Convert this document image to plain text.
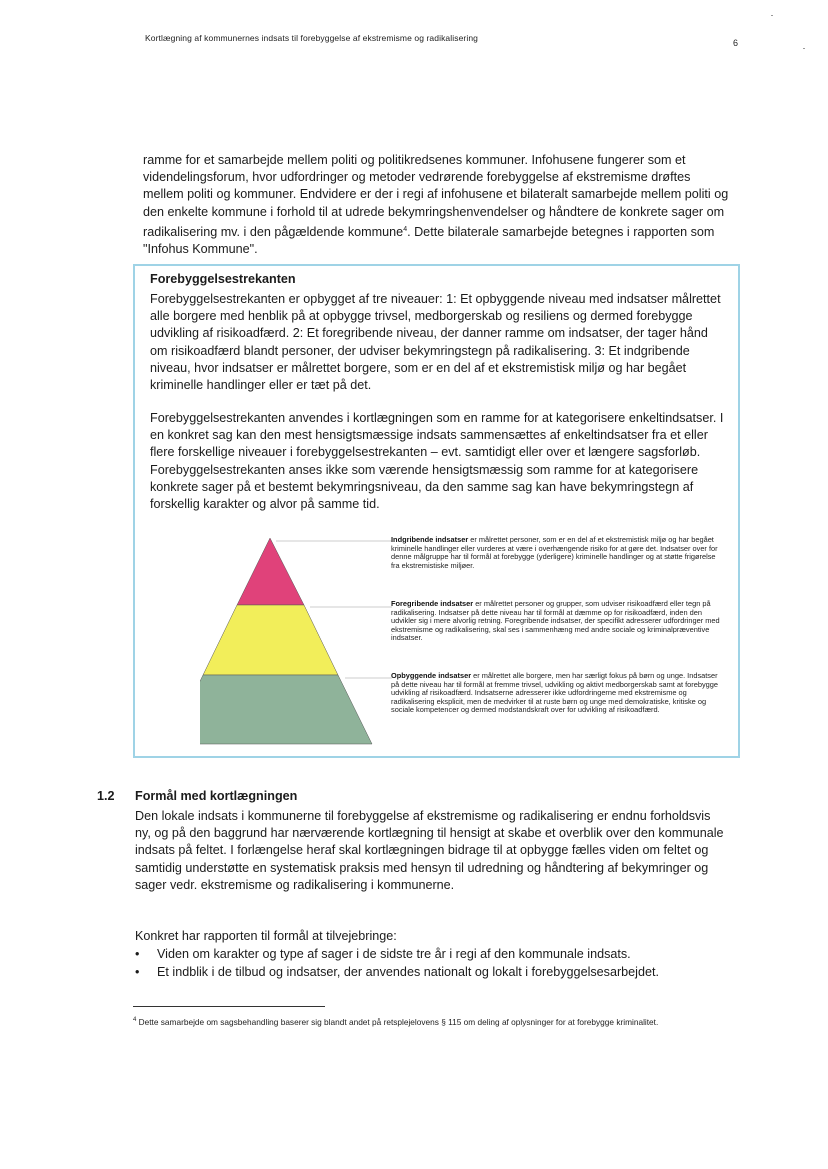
Kortlægning af kommunernes indsats til forebyggelse af ekstremisme og radikalisering	6

ramme for et samarbejde mellem politi og politikredsenes kommuner. Infohusene fungerer som et videndelingsforum, hvor udfordringer og metoder vedrørende forebyggelse af ekstremisme drøftes mellem politi og kommuner. Endvidere er der i regi af infohusene et bilateralt samarbejde mellem politi og den enkelte kommune i forhold til at udrede bekymringshenvendelser og håndtere de konkrete sager om radikalisering mv. i den pågældende kommune$^4$. Dette bilaterale samarbejde betegnes i rapporten som "Infohus Kommune".

Forebyggelsestrekanten

Forebyggelsestrekanten er opbygget af tre niveauer: 1: Et opbyggende niveau med indsatser målrettet alle borgere med henblik på at opbygge trivsel, medborgerskab og resiliens og dermed forebygge udvikling af risikoadfærd. 2: Et foregribende niveau, der danner ramme om indsatser, der tager hånd om risikoadfærd blandt personer, der udviser bekymringstegn på radikalisering. 3: Et indgribende niveau, hvor indsatser er målrettet borgere, som er en del af et ekstremistisk miljø og har begået kriminelle handlinger eller er tæt på det.

Forebyggelsestrekanten anvendes i kortlægningen som en ramme for at kategorisere enkeltindsatser. I en konkret sag kan den mest hensigtsmæssige indsats sammensættes af enkeltindsatser fra et eller flere forskellige niveauer i forebyggelsestrekanten – evt. samtidigt eller over et længere sagsforløb. Forebyggelsestrekanten anses ikke som værende hensigtsmæssig som ramme for at kategorisere konkrete sager på et bestemt bekymringsniveau, da den samme sag kan have bekymringstegn af forskellig karakter og alvor på samme tid.

Indgribende indsatser er målrettet personer, som er en del af et ekstremistisk miljø og har begået kriminelle handlinger eller vurderes at være i overhængende risiko for at gøre det. Indsatser over for denne målgruppe har til formål at forebygge (yderligere) kriminelle handlinger og at støtte frigørelse fra ekstremistiske miljøer.
Foregribende indsatser er målrettet personer og grupper, som udviser risikoadfærd eller tegn på radikalisering. Indsatser på dette niveau har til formål at dæmme op for risikoadfærd, inden den udvikler sig i mere alvorlig retning. Foregribende indsatser, der specifikt adresserer udfordringer med ekstremisme og radikalisering, skal ses i sammenhæng med andre sociale og kriminalpræventive indsatser.
Opbyggende indsatser er målrettet alle borgere, men har særligt fokus på børn og unge. Indsatser på dette niveau har til formål at fremme trivsel, udvikling og aktivt medborgerskab samt at forebygge udvikling af risikoadfærd. Indsatserne adresserer ikke udfordringerne med ekstremisme og radikalisering eksplicit, men de medvirker til at ruste børn og unge med demokratiske, kritiske og sociale kompetencer og dermed modstandskraft over for udvikling af risikoadfærd.
1.2 Formål med kortlægningen

Den lokale indsats i kommunerne til forebyggelse af ekstremisme og radikalisering er endnu forholdsvis ny, og på den baggrund har nærværende kortlægning til hensigt at skabe et overblik over den kommunale indsats på feltet. I forlængelse heraf skal kortlægningen bidrage til at opbygge fælles viden om feltet og samtidig understøtte en systematisk praksis med hensyn til udredning og håndtering af bekymringer og sager vedr. ekstremisme og radikalisering i kommunerne.

Konkret har rapporten til formål at tilvejebringe:

• Viden om karakter og type af sager i de sidste tre år i regi af den kommunale indsats.
• Et indblik i de tilbud og indsatser, der anvendes nationalt og lokalt i forebyggelsesarbejdet.
$^4$ Dette samarbejde om sagsbehandling baserer sig blandt andet på retsplejelovens § 115 om deling af oplysninger for at forebygge kriminalitet.
